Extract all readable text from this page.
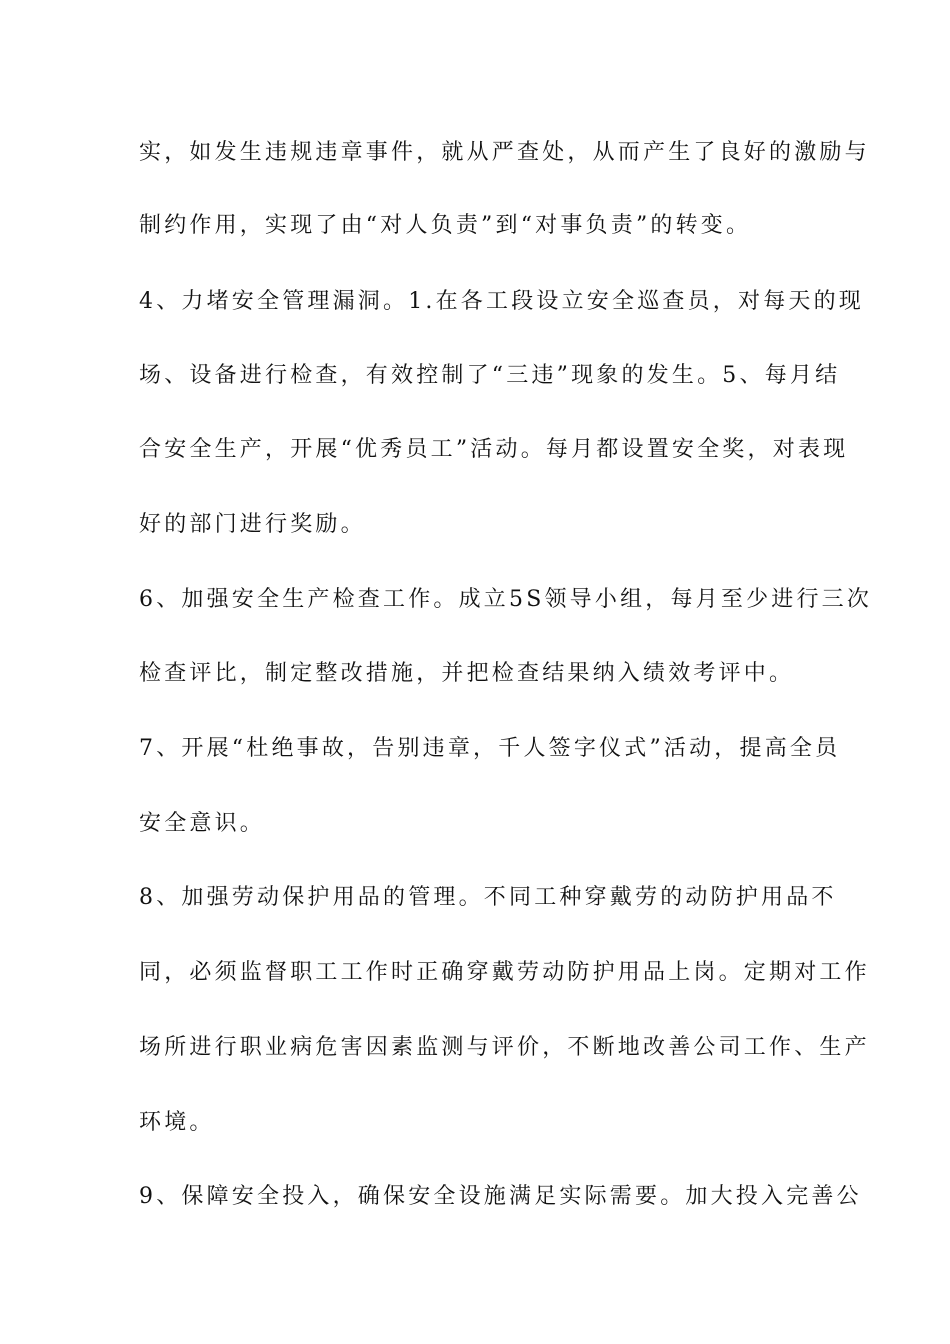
实，如发生违规违章事件，就从严查处，从而产生了良好的激励与
制约作用，实现了由“对人负责”到“对事负责”的转变。
4、力堵安全管理漏洞。1.在各工段设立安全巡查员，对每天的现
场、设备进行检查，有效控制了“三违”现象的发生。5、每月结
合安全生产，开展“优秀员工”活动。每月都设置安全奖，对表现
好的部门进行奖励。
6、加强安全生产检查工作。成立5S领导小组，每月至少进行三次
检查评比，制定整改措施，并把检查结果纳入绩效考评中。
7、开展“杜绝事故，告别违章，千人签字仪式”活动，提高全员
安全意识。
8、加强劳动保护用品的管理。不同工种穿戴劳的动防护用品不
同，必须监督职工工作时正确穿戴劳动防护用品上岗。定期对工作
场所进行职业病危害因素监测与评价，不断地改善公司工作、生产
环境。
9、保障安全投入，确保安全设施满足实际需要。加大投入完善公
